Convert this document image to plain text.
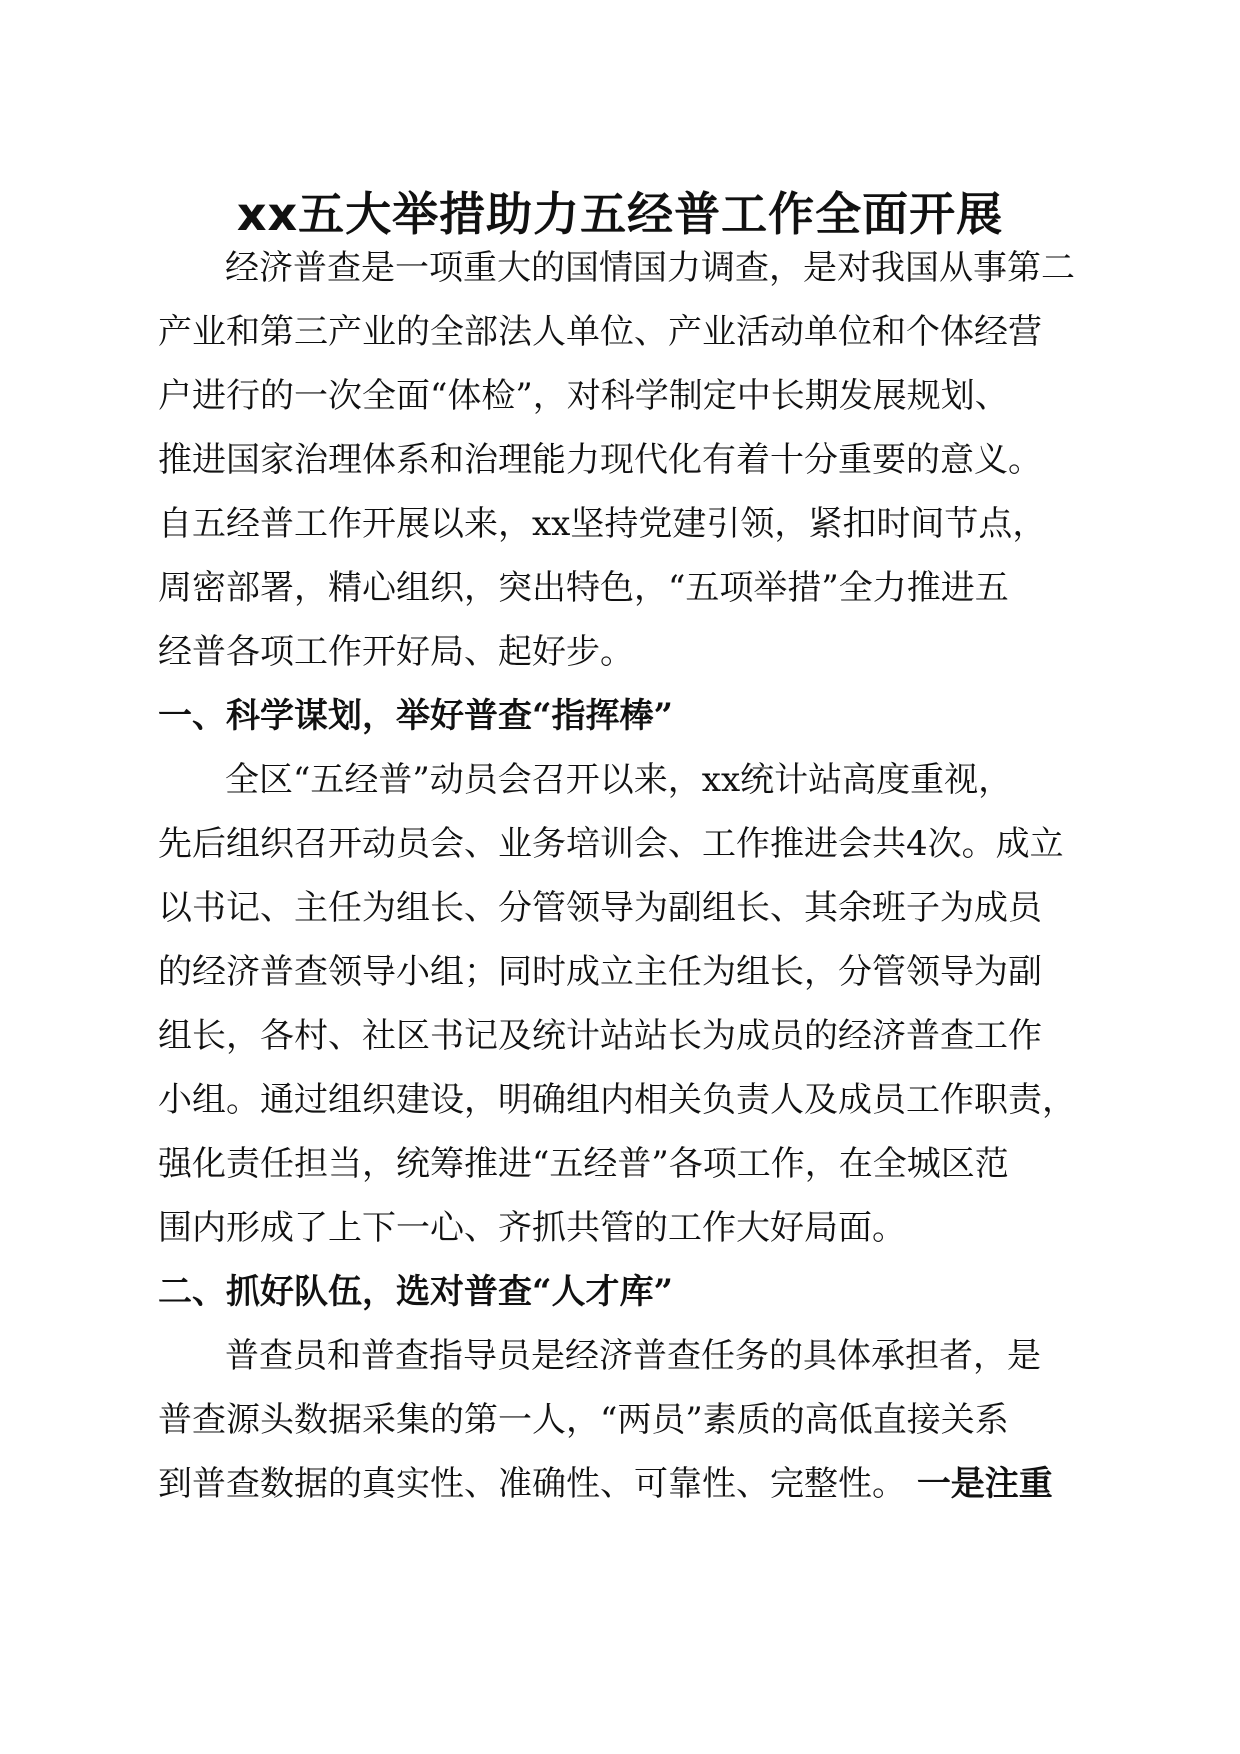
xx五大举措助力五经普工作全面开展
经济普查是一项重大的国情国力调查，是对我国从事第二
产业和第三产业的全部法人单位、产业活动单位和个体经营
户进行的一次全面“体检”，对科学制定中长期发展规划、
推进国家治理体系和治理能力现代化有着十分重要的意义。
自五经普工作开展以来，xx坚持党建引领，紧扣时间节点，
周密部署，精心组织，突出特色，“五项举措”全力推进五
经普各项工作开好局、起好步。
一、科学谋划，举好普查“指挥棒”
全区“五经普”动员会召开以来，xx统计站高度重视，
先后组织召开动员会、业务培训会、工作推进会共4次。成立
以书记、主任为组长、分管领导为副组长、其余班子为成员
的经济普查领导小组；同时成立主任为组长，分管领导为副
组长，各村、社区书记及统计站站长为成员的经济普查工作
小组。通过组织建设，明确组内相关负责人及成员工作职责，
强化责任担当，统筹推进“五经普”各项工作，在全城区范
围内形成了上下一心、齐抓共管的工作大好局面。
二、抓好队伍，选对普查“人才库”
普查员和普查指导员是经济普查任务的具体承担者，是
普查源头数据采集的第一人，“两员”素质的高低直接关系
到普查数据的真实性、准确性、可靠性、完整性。 一是注重
